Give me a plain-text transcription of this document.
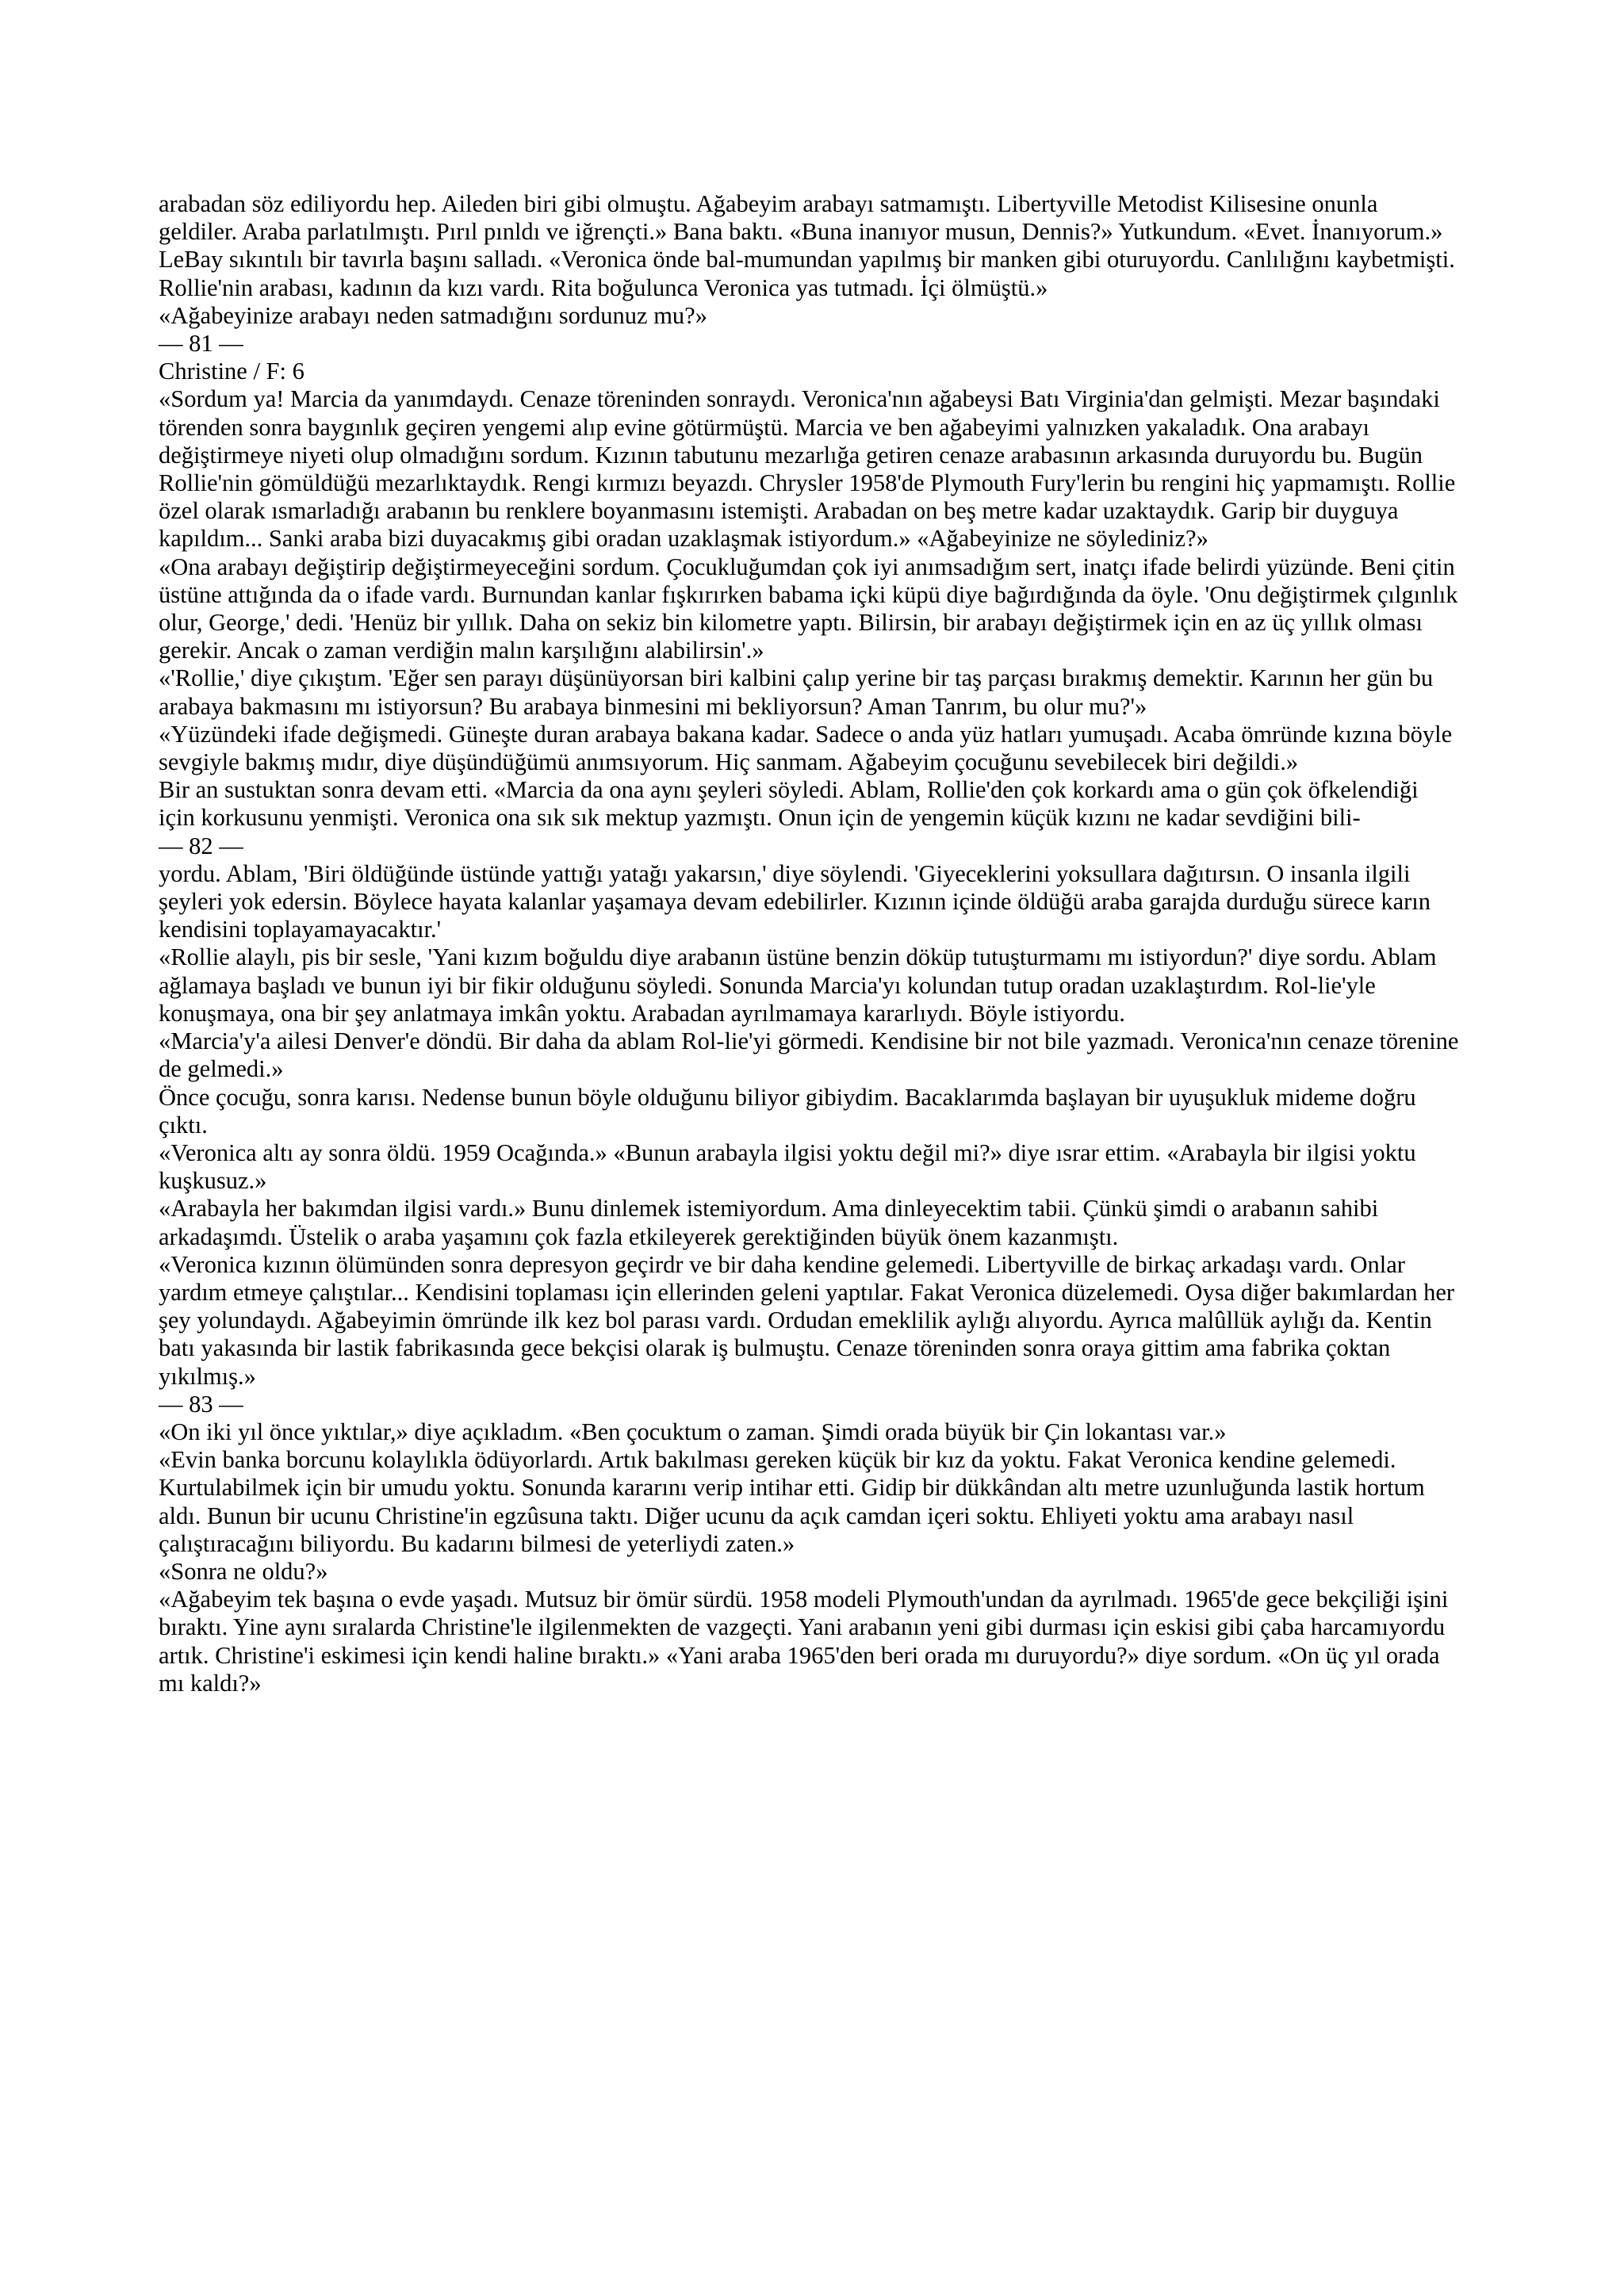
arabadan söz ediliyordu hep. Aileden biri gibi olmuştu. Ağabeyim arabayı satmamıştı. Libertyville Metodist Kilisesine onunla geldiler. Araba parlatılmıştı. Pırıl pınldı ve iğrençti.» Bana baktı. «Buna inanıyor musun, Dennis?» Yutkundum. «Evet. İnanıyorum.»
LeBay sıkıntılı bir tavırla başını salladı. «Veronica önde bal-mumundan yapılmış bir manken gibi oturuyordu. Canlılığını kaybetmişti. Rollie'nin arabası, kadının da kızı vardı. Rita boğulunca Veronica yas tutmadı. İçi ölmüştü.»
«Ağabeyinize arabayı neden satmadığını sordunuz mu?»
— 81 —
Christine / F: 6
«Sordum ya! Marcia da yanımdaydı. Cenaze töreninden sonraydı. Veronica'nın ağabeysi Batı Virginia'dan gelmişti. Mezar başındaki törenden sonra baygınlık geçiren yengemi alıp evine götürmüştü. Marcia ve ben ağabeyimi yalnızken yakaladık. Ona arabayı değiştirmeye niyeti olup olmadığını sordum. Kızının tabutunu mezarlığa getiren cenaze arabasının arkasında duruyordu bu. Bugün Rollie'nin gömüldüğü mezarlıktaydık. Rengi kırmızı beyazdı. Chrysler 1958'de Plymouth Fury'lerin bu rengini hiç yapmamıştı. Rollie özel olarak ısmarladığı arabanın bu renklere boyanmasını istemişti. Arabadan on beş metre kadar uzaktaydık. Garip bir duyguya kapıldım... Sanki araba bizi duyacakmış gibi oradan uzaklaşmak istiyordum.» «Ağabeyinize ne söylediniz?»
«Ona arabayı değiştirip değiştirmeyeceğini sordum. Çocukluğumdan çok iyi anımsadığım sert, inatçı ifade belirdi yüzünde. Beni çitin üstüne attığında da o ifade vardı. Burnundan kanlar fışkırırken babama içki küpü diye bağırdığında da öyle. 'Onu değiştirmek çılgınlık olur, George,' dedi. 'Henüz bir yıllık. Daha on sekiz bin kilometre yaptı. Bilirsin, bir arabayı değiştirmek için en az üç yıllık olması gerekir. Ancak o zaman verdiğin malın karşılığını alabilirsin'.»
«'Rollie,' diye çıkıştım. 'Eğer sen parayı düşünüyorsan biri kalbini çalıp yerine bir taş parçası bırakmış demektir. Karının her gün bu arabaya bakmasını mı istiyorsun? Bu arabaya binmesini mi bekliyorsun? Aman Tanrım, bu olur mu?'»
«Yüzündeki ifade değişmedi. Güneşte duran arabaya bakana kadar. Sadece o anda yüz hatları yumuşadı. Acaba ömründe kızına böyle sevgiyle bakmış mıdır, diye düşündüğümü anımsıyorum. Hiç sanmam. Ağabeyim çocuğunu sevebilecek biri değildi.»
Bir an sustuktan sonra devam etti. «Marcia da ona aynı şeyleri söyledi. Ablam, Rollie'den çok korkardı ama o gün çok öfkelendiği için korkusunu yenmişti. Veronica ona sık sık mektup yazmıştı. Onun için de yengemin küçük kızını ne kadar sevdiğini bili-
— 82 —
yordu. Ablam, 'Biri öldüğünde üstünde yattığı yatağı yakarsın,' diye söylendi. 'Giyeceklerini yoksullara dağıtırsın. O insanla ilgili şeyleri yok edersin. Böylece hayata kalanlar yaşamaya devam edebilirler. Kızının içinde öldüğü araba garajda durduğu sürece karın kendisini toplayamayacaktır.'
«Rollie alaylı, pis bir sesle, 'Yani kızım boğuldu diye arabanın üstüne benzin döküp tutuşturmamı mı istiyordun?' diye sordu. Ablam ağlamaya başladı ve bunun iyi bir fikir olduğunu söyledi. Sonunda Marcia'yı kolundan tutup oradan uzaklaştırdım. Rol-lie'yle konuşmaya, ona bir şey anlatmaya imkân yoktu. Arabadan ayrılmamaya kararlıydı. Böyle istiyordu.
«Marcia'y'a ailesi Denver'e döndü. Bir daha da ablam Rol-lie'yi görmedi. Kendisine bir not bile yazmadı. Veronica'nın cenaze törenine de gelmedi.»
Önce çocuğu, sonra karısı. Nedense bunun böyle olduğunu biliyor gibiydim. Bacaklarımda başlayan bir uyuşukluk mideme doğru çıktı.
«Veronica altı ay sonra öldü. 1959 Ocağında.» «Bunun arabayla ilgisi yoktu değil mi?» diye ısrar ettim. «Arabayla bir ilgisi yoktu kuşkusuz.»
«Arabayla her bakımdan ilgisi vardı.» Bunu dinlemek istemiyordum. Ama dinleyecektim tabii. Çünkü şimdi o arabanın sahibi arkadaşımdı. Üstelik o araba yaşamını çok fazla etkileyerek gerektiğinden büyük önem kazanmıştı.
«Veronica kızının ölümünden sonra depresyon geçirdr ve bir daha kendine gelemedi. Libertyville de birkaç arkadaşı vardı. Onlar yardım etmeye çalıştılar... Kendisini toplaması için ellerinden geleni yaptılar. Fakat Veronica düzelemedi. Oysa diğer bakımlardan her şey yolundaydı. Ağabeyimin ömründe ilk kez bol parası vardı. Ordudan emeklilik aylığı alıyordu. Ayrıca malûllük aylığı da. Kentin batı yakasında bir lastik fabrikasında gece bekçisi olarak iş bulmuştu. Cenaze töreninden sonra oraya gittim ama fabrika çoktan yıkılmış.»
— 83 —
«On iki yıl önce yıktılar,» diye açıkladım. «Ben çocuktum o zaman. Şimdi orada büyük bir Çin lokantası var.»
«Evin banka borcunu kolaylıkla ödüyorlardı. Artık bakılması gereken küçük bir kız da yoktu. Fakat Veronica kendine gelemedi. Kurtulabilmek için bir umudu yoktu. Sonunda kararını verip intihar etti. Gidip bir dükkândan altı metre uzunluğunda lastik hortum aldı. Bunun bir ucunu Christine'in egzûsuna taktı. Diğer ucunu da açık camdan içeri soktu. Ehliyeti yoktu ama arabayı nasıl çalıştıracağını biliyordu. Bu kadarını bilmesi de yeterliydi zaten.»
«Sonra ne oldu?»
«Ağabeyim tek başına o evde yaşadı. Mutsuz bir ömür sürdü. 1958 modeli Plymouth'undan da ayrılmadı. 1965'de gece bekçiliği işini bıraktı. Yine aynı sıralarda Christine'le ilgilenmekten de vazgeçti. Yani arabanın yeni gibi durması için eskisi gibi çaba harcamıyordu artık. Christine'i eskimesi için kendi haline bıraktı.» «Yani araba 1965'den beri orada mı duruyordu?» diye sordum. «On üç yıl orada mı kaldı?»
